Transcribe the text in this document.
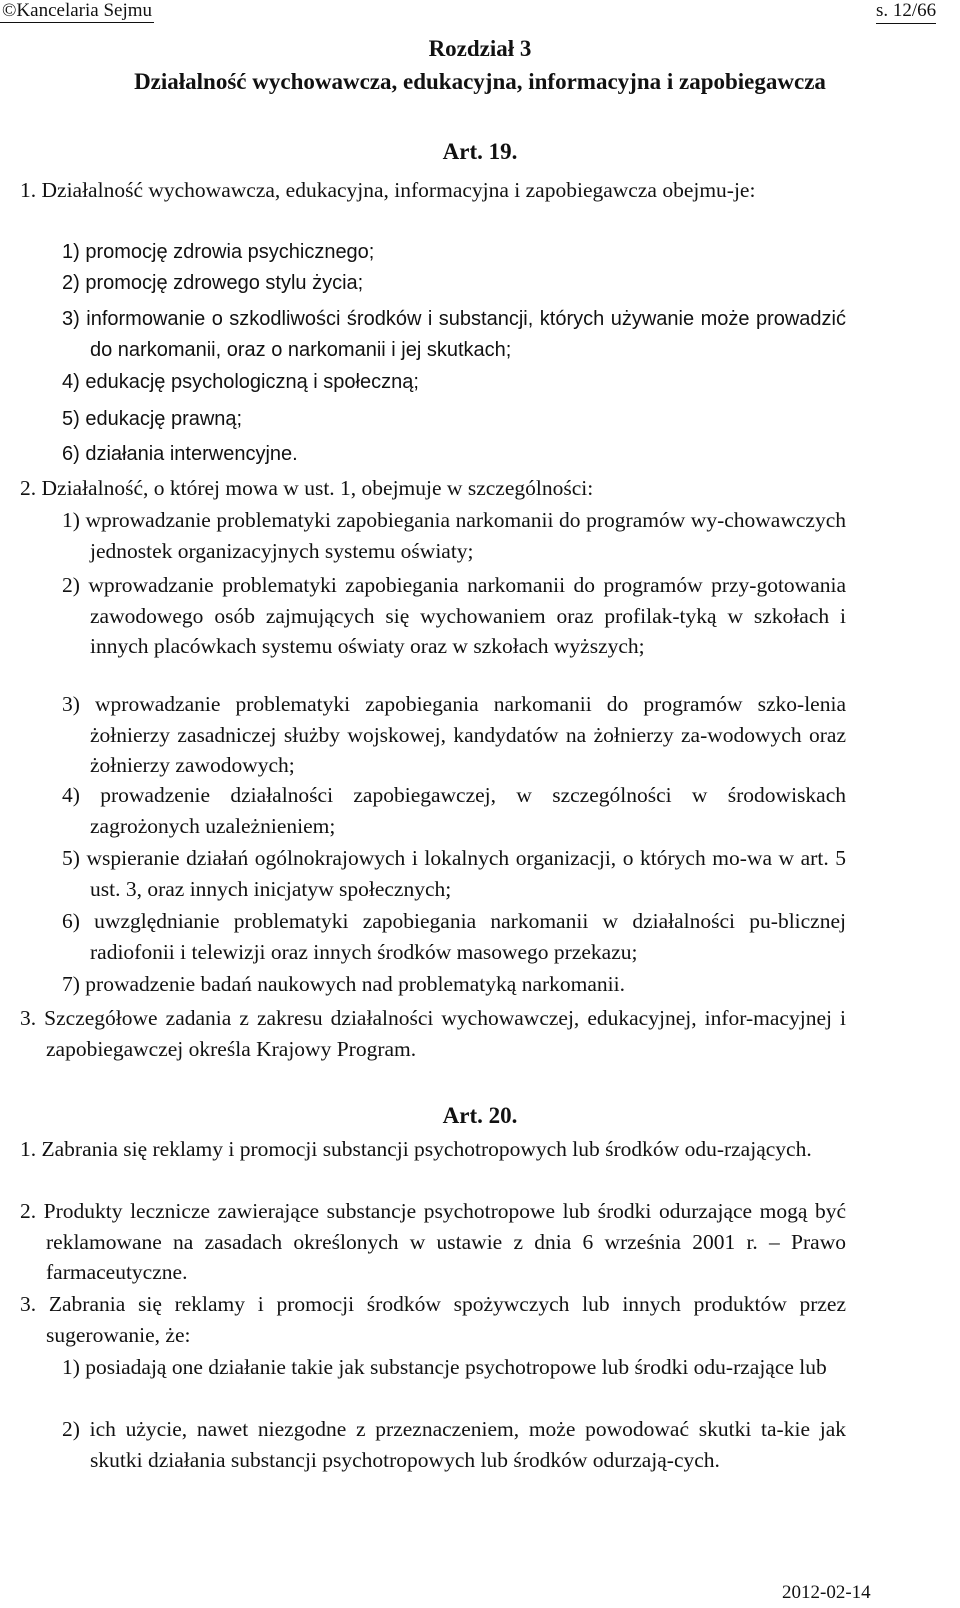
©Kancelaria Sejmu	s. 12/66
Rozdział 3
Działalność wychowawcza, edukacyjna, informacyjna i zapobiegawcza
Art. 19.

1. Działalność wychowawcza, edukacyjna, informacyjna i zapobiegawcza obejmu-je:

1) promocję zdrowia psychicznego;

2) promocję zdrowego stylu życia;

3) informowanie o szkodliwości środków i substancji, których używanie może prowadzić do narkomanii, oraz o narkomanii i jej skutkach;

4) edukację psychologiczną i społeczną;

5) edukację prawną;

6) działania interwencyjne.

2. Działalność, o której mowa w ust. 1, obejmuje w szczególności:

1) wprowadzanie problematyki zapobiegania narkomanii do programów wy-chowawczych jednostek organizacyjnych systemu oświaty;

2) wprowadzanie problematyki zapobiegania narkomanii do programów przy-gotowania zawodowego osób zajmujących się wychowaniem oraz profilak-tyką w szkołach i innych placówkach systemu oświaty oraz w szkołach wyższych;

3) wprowadzanie problematyki zapobiegania narkomanii do programów szko-lenia żołnierzy zasadniczej służby wojskowej, kandydatów na żołnierzy za-wodowych oraz żołnierzy zawodowych;

4) prowadzenie działalności zapobiegawczej, w szczególności w środowiskach zagrożonych uzależnieniem;

5) wspieranie działań ogólnokrajowych i lokalnych organizacji, o których mo-wa w art. 5 ust. 3, oraz innych inicjatyw społecznych;

6) uwzględnianie problematyki zapobiegania narkomanii w działalności pu-blicznej radiofonii i telewizji oraz innych środków masowego przekazu;

7) prowadzenie badań naukowych nad problematyką narkomanii.

3. Szczegółowe zadania z zakresu działalności wychowawczej, edukacyjnej, infor-macyjnej i zapobiegawczej określa Krajowy Program.

Art. 20.

1. Zabrania się reklamy i promocji substancji psychotropowych lub środków odu-rzających.

2. Produkty lecznicze zawierające substancje psychotropowe lub środki odurzające mogą być reklamowane na zasadach określonych w ustawie z dnia 6 września 2001 r. – Prawo farmaceutyczne.

3. Zabrania się reklamy i promocji środków spożywczych lub innych produktów przez sugerowanie, że:

1) posiadają one działanie takie jak substancje psychotropowe lub środki odu-rzające lub

2) ich użycie, nawet niezgodne z przeznaczeniem, może powodować skutki ta-kie jak skutki działania substancji psychotropowych lub środków odurzają-cych.

2012-02-14
